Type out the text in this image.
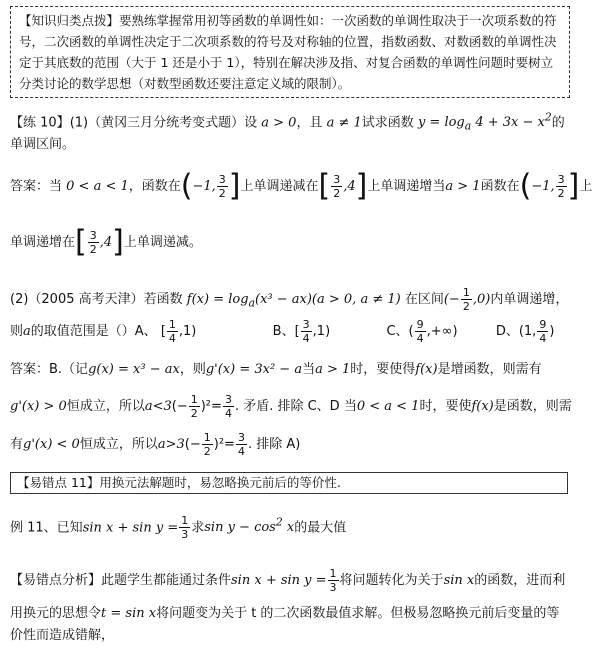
【知识归类点拨】要熟练掌握常用初等函数的单调性如：一次函数的单调性取决于一次项系数的符
号，二次函数的单调性决定于二次项系数的符号及对称轴的位置，指数函数、对数函数的单调性决
定于其底数的范围（大于 1 还是小于 1），特别在解决涉及指、对复合函数的单调性问题时要树立
分类讨论的数学思想（对数型函数还要注意定义域的限制）。
【练 10】(1)（黄冈三月分统考变式题）设 a > 0，且 a ≠ 1试求函数 $y = \log_a 4 + 3x - x^2$的
单调区间。
答案：当 0 < a < 1，函数在(−1, $\frac{3}{2}$ ]上单调递减在[ $\frac{3}{2} ,4$]上单调递增当a > 1函数在(−1, $\frac{3}{2}$ ]上
单调递增在[ $\frac{3}{2} ,4$]上单调递减。
(2)（2005 高考天津）若函数 $f(x) = \log_a(x^3 - ax)(a > 0$, a ≠ 1) 在区间(− $\frac{1}{2} ,0$)内单调递增，
则a的取值范围是（）A、 [ $\frac{1}{4} ,1$)	B、[ $\frac{3}{4} ,1$)	C、( $\frac{9}{4}$ ,+∞)	D、(1, $\frac{9}{4}$ )
答案：B.（记g(x) = x³ − ax，则g'(x) = 3x² − a当a > 1时，要使得f(x)是增函数，则需有
g'(x) > 0恒成立，所以$a<3(- \frac{1}{2} )^2= \frac{3}{4}$ . 矛盾. 排除 C、D 当0 < a < 1时，要使f(x)是函数，则需
有g'(x) < 0恒成立，所以$a>3(- \frac{1}{2} )^2= \frac{3}{4}$ . 排除 A)
【易错点 11】用换元法解题时，易忽略换元前后的等价性.
例 11、已知$\sin x + \sin y = \frac{1}{3}$ 求$\sin y - \cos^2 x$的最大值
【易错点分析】此题学生都能通过条件$\sin x + \sin y = \frac{1}{3}$ 将问题转化为关于sin x的函数，进而利
用换元的思想令t = sin x将问题变为关于 t 的二次函数最值求解。但极易忽略换元前后变量的等
价性而造成错解，
